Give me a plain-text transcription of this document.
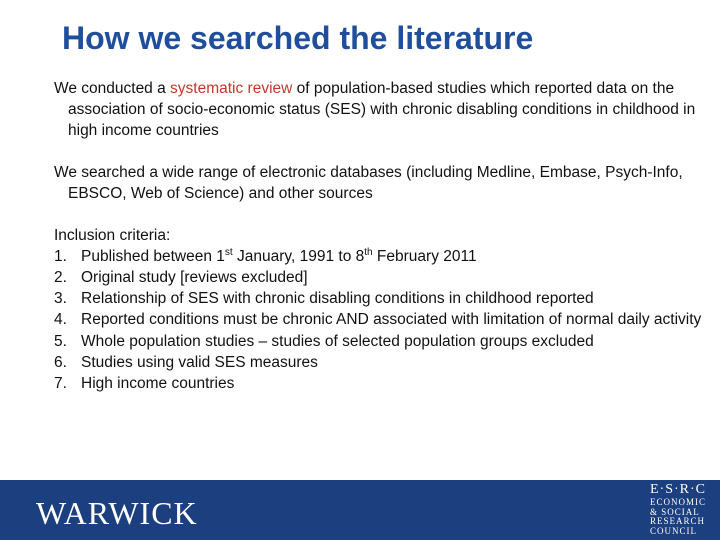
How we searched the literature

We conducted a systematic review of population-based studies which reported data on the association of socio-economic status (SES) with chronic disabling conditions in childhood in high income countries

We searched a wide range of electronic databases (including Medline, Embase, Psych-Info, EBSCO, Web of Science) and other sources

Inclusion criteria:
1. Published between 1st January, 1991 to 8th February 2011
2. Original study [reviews excluded]
3. Relationship of SES with chronic disabling conditions in childhood reported
4. Reported conditions must be chronic AND associated with limitation of normal daily activity
5. Whole population studies – studies of selected population groups excluded
6. Studies using valid SES measures
7. High income countries
WARWICK
E·S·R·C
ECONOMIC
& SOCIAL
RESEARCH
COUNCIL
